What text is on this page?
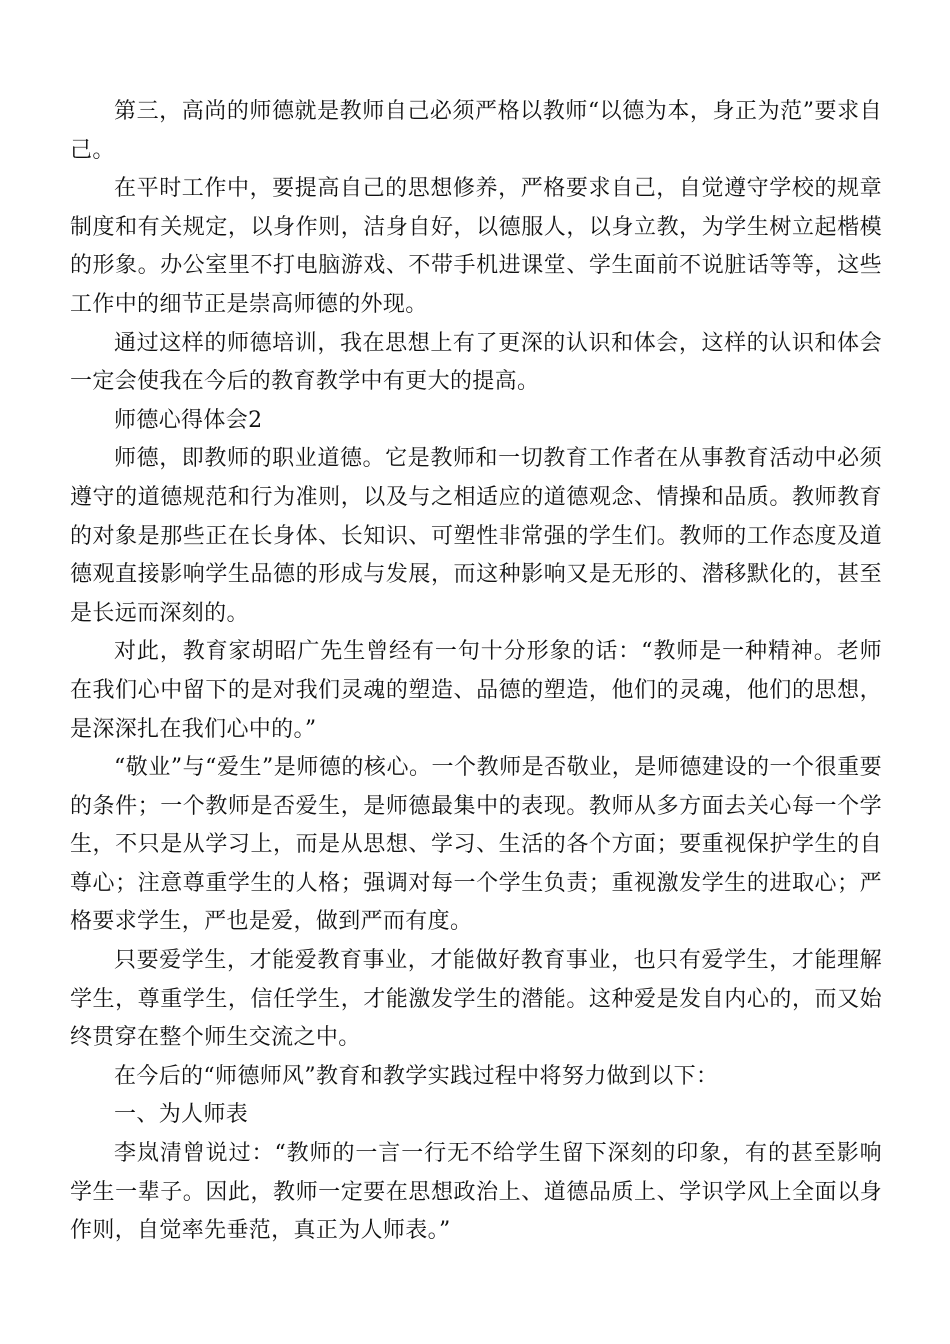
第三，高尚的师德就是教师自己必须严格以教师“以德为本，身正为范”要求自己。

在平时工作中，要提高自己的思想修养，严格要求自己，自觉遵守学校的规章制度和有关规定，以身作则，洁身自好，以德服人，以身立教，为学生树立起楷模的形象。办公室里不打电脑游戏、不带手机进课堂、学生面前不说脏话等等，这些工作中的细节正是崇高师德的外现。

通过这样的师德培训，我在思想上有了更深的认识和体会，这样的认识和体会一定会使我在今后的教育教学中有更大的提高。

师德心得体会2

师德，即教师的职业道德。它是教师和一切教育工作者在从事教育活动中必须遵守的道德规范和行为准则，以及与之相适应的道德观念、情操和品质。教师教育的对象是那些正在长身体、长知识、可塑性非常强的学生们。教师的工作态度及道德观直接影响学生品德的形成与发展，而这种影响又是无形的、潜移默化的，甚至是长远而深刻的。

对此，教育家胡昭广先生曾经有一句十分形象的话：“教师是一种精神。老师在我们心中留下的是对我们灵魂的塑造、品德的塑造，他们的灵魂，他们的思想，是深深扎在我们心中的。”

“敬业”与“爱生”是师德的核心。一个教师是否敬业，是师德建设的一个很重要的条件；一个教师是否爱生，是师德最集中的表现。教师从多方面去关心每一个学生，不只是从学习上，而是从思想、学习、生活的各个方面；要重视保护学生的自尊心；注意尊重学生的人格；强调对每一个学生负责；重视激发学生的进取心；严格要求学生，严也是爱，做到严而有度。

只要爱学生，才能爱教育事业，才能做好教育事业，也只有爱学生，才能理解学生，尊重学生，信任学生，才能激发学生的潜能。这种爱是发自内心的，而又始终贯穿在整个师生交流之中。

在今后的“师德师风”教育和教学实践过程中将努力做到以下：

一、为人师表

李岚清曾说过：“教师的一言一行无不给学生留下深刻的印象，有的甚至影响学生一辈子。因此，教师一定要在思想政治上、道德品质上、学识学风上全面以身作则，自觉率先垂范，真正为人师表。”
